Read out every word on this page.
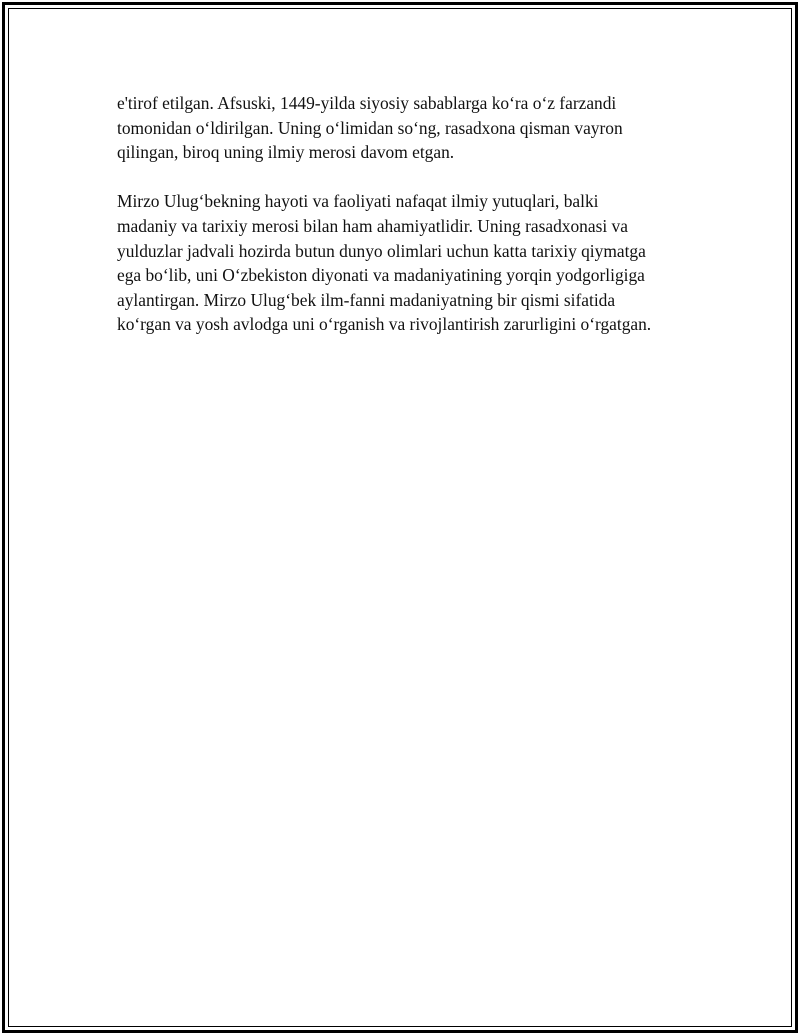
e'tirof etilgan. Afsuski, 1449-yilda siyosiy sabablarga ko‘ra o‘z farzandi
tomonidan o‘ldirilgan. Uning o‘limidan so‘ng, rasadxona qisman vayron
qilingan, biroq uning ilmiy merosi davom etgan.

Mirzo Ulug‘bekning hayoti va faoliyati nafaqat ilmiy yutuqlari, balki
madaniy va tarixiy merosi bilan ham ahamiyatlidir. Uning rasadxonasi va
yulduzlar jadvali hozirda butun dunyo olimlari uchun katta tarixiy qiymatga
ega bo‘lib, uni O‘zbekiston diyonati va madaniyatining yorqin yodgorligiga
aylantirgan. Mirzo Ulug‘bek ilm-fanni madaniyatning bir qismi sifatida
ko‘rgan va yosh avlodga uni o‘rganish va rivojlantirish zarurligini o‘rgatgan.
